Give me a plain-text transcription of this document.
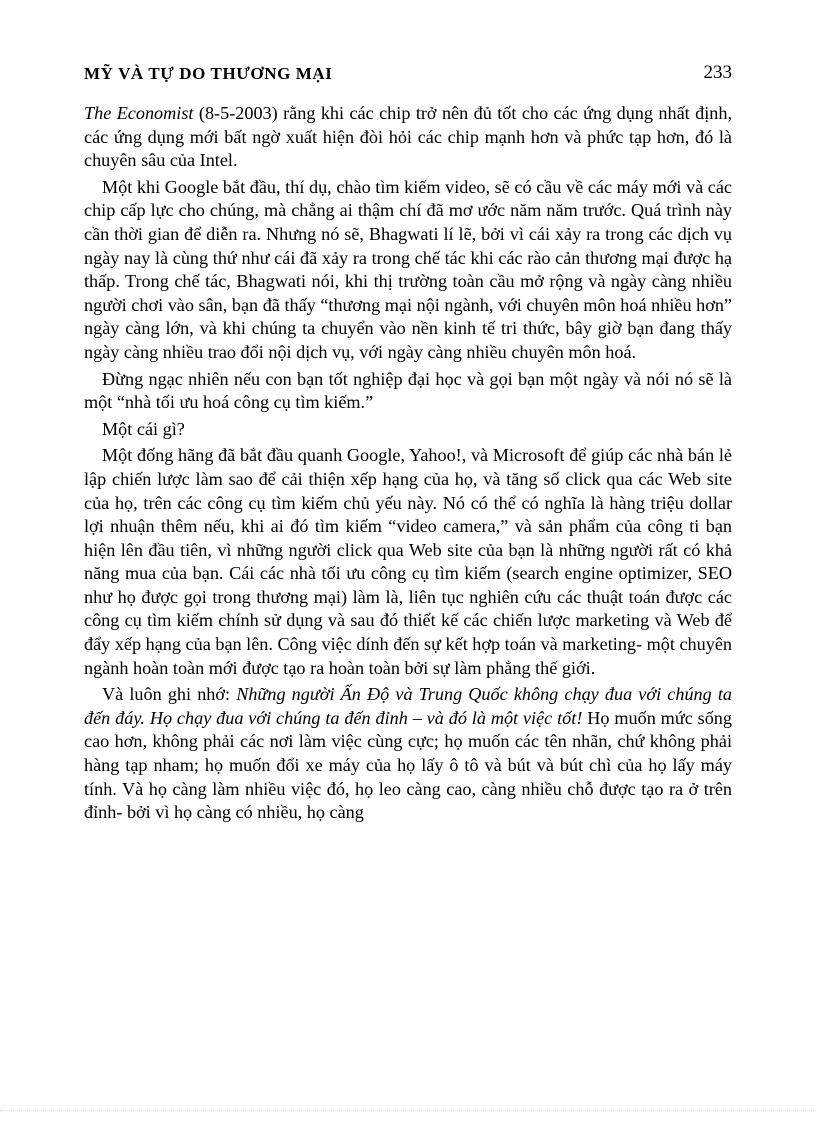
MỸ VÀ TỰ DO THƯƠNG MẠI	233

The Economist (8-5-2003) rằng khi các chip trở nên đủ tốt cho các ứng dụng nhất định, các ứng dụng mới bất ngờ xuất hiện đòi hỏi các chip mạnh hơn và phức tạp hơn, đó là chuyên sâu của Intel.

Một khi Google bắt đầu, thí dụ, chào tìm kiếm video, sẽ có cầu về các máy mới và các chip cấp lực cho chúng, mà chẳng ai thậm chí đã mơ ước năm năm trước. Quá trình này cần thời gian để diễn ra. Nhưng nó sẽ, Bhagwati lí lẽ, bởi vì cái xảy ra trong các dịch vụ ngày nay là cùng thứ như cái đã xảy ra trong chế tác khi các rào cản thương mại được hạ thấp. Trong chế tác, Bhagwati nói, khi thị trường toàn cầu mở rộng và ngày càng nhiều người chơi vào sân, bạn đã thấy “thương mại nội ngành, với chuyên môn hoá nhiều hơn” ngày càng lớn, và khi chúng ta chuyển vào nền kinh tế tri thức, bây giờ bạn đang thấy ngày càng nhiều trao đổi nội dịch vụ, với ngày càng nhiều chuyên môn hoá.

Đừng ngạc nhiên nếu con bạn tốt nghiệp đại học và gọi bạn một ngày và nói nó sẽ là một “nhà tối ưu hoá công cụ tìm kiếm.”

Một cái gì?

Một đống hãng đã bắt đầu quanh Google, Yahoo!, và Microsoft để giúp các nhà bán lẻ lập chiến lược làm sao để cải thiện xếp hạng của họ, và tăng số click qua các Web site của họ, trên các công cụ tìm kiếm chủ yếu này. Nó có thể có nghĩa là hàng triệu dollar lợi nhuận thêm nếu, khi ai đó tìm kiếm “video camera,” và sản phẩm của công ti bạn hiện lên đầu tiên, vì những người click qua Web site của bạn là những người rất có khả năng mua của bạn. Cái các nhà tối ưu công cụ tìm kiếm (search engine optimizer, SEO như họ được gọi trong thương mại) làm là, liên tục nghiên cứu các thuật toán được các công cụ tìm kiếm chính sử dụng và sau đó thiết kế các chiến lược marketing và Web để đẩy xếp hạng của bạn lên. Công việc dính đến sự kết hợp toán và marketing- một chuyên ngành hoàn toàn mới được tạo ra hoàn toàn bởi sự làm phẳng thế giới.

Và luôn ghi nhớ: Những người Ấn Độ và Trung Quốc không chạy đua với chúng ta đến đáy. Họ chạy đua với chúng ta đến đỉnh – và đó là một việc tốt! Họ muốn mức sống cao hơn, không phải các nơi làm việc cùng cực; họ muốn các tên nhãn, chứ không phải hàng tạp nham; họ muốn đổi xe máy của họ lấy ô tô và bút và bút chì của họ lấy máy tính. Và họ càng làm nhiều việc đó, họ leo càng cao, càng nhiều chỗ được tạo ra ở trên đỉnh- bởi vì họ càng có nhiều, họ càng
